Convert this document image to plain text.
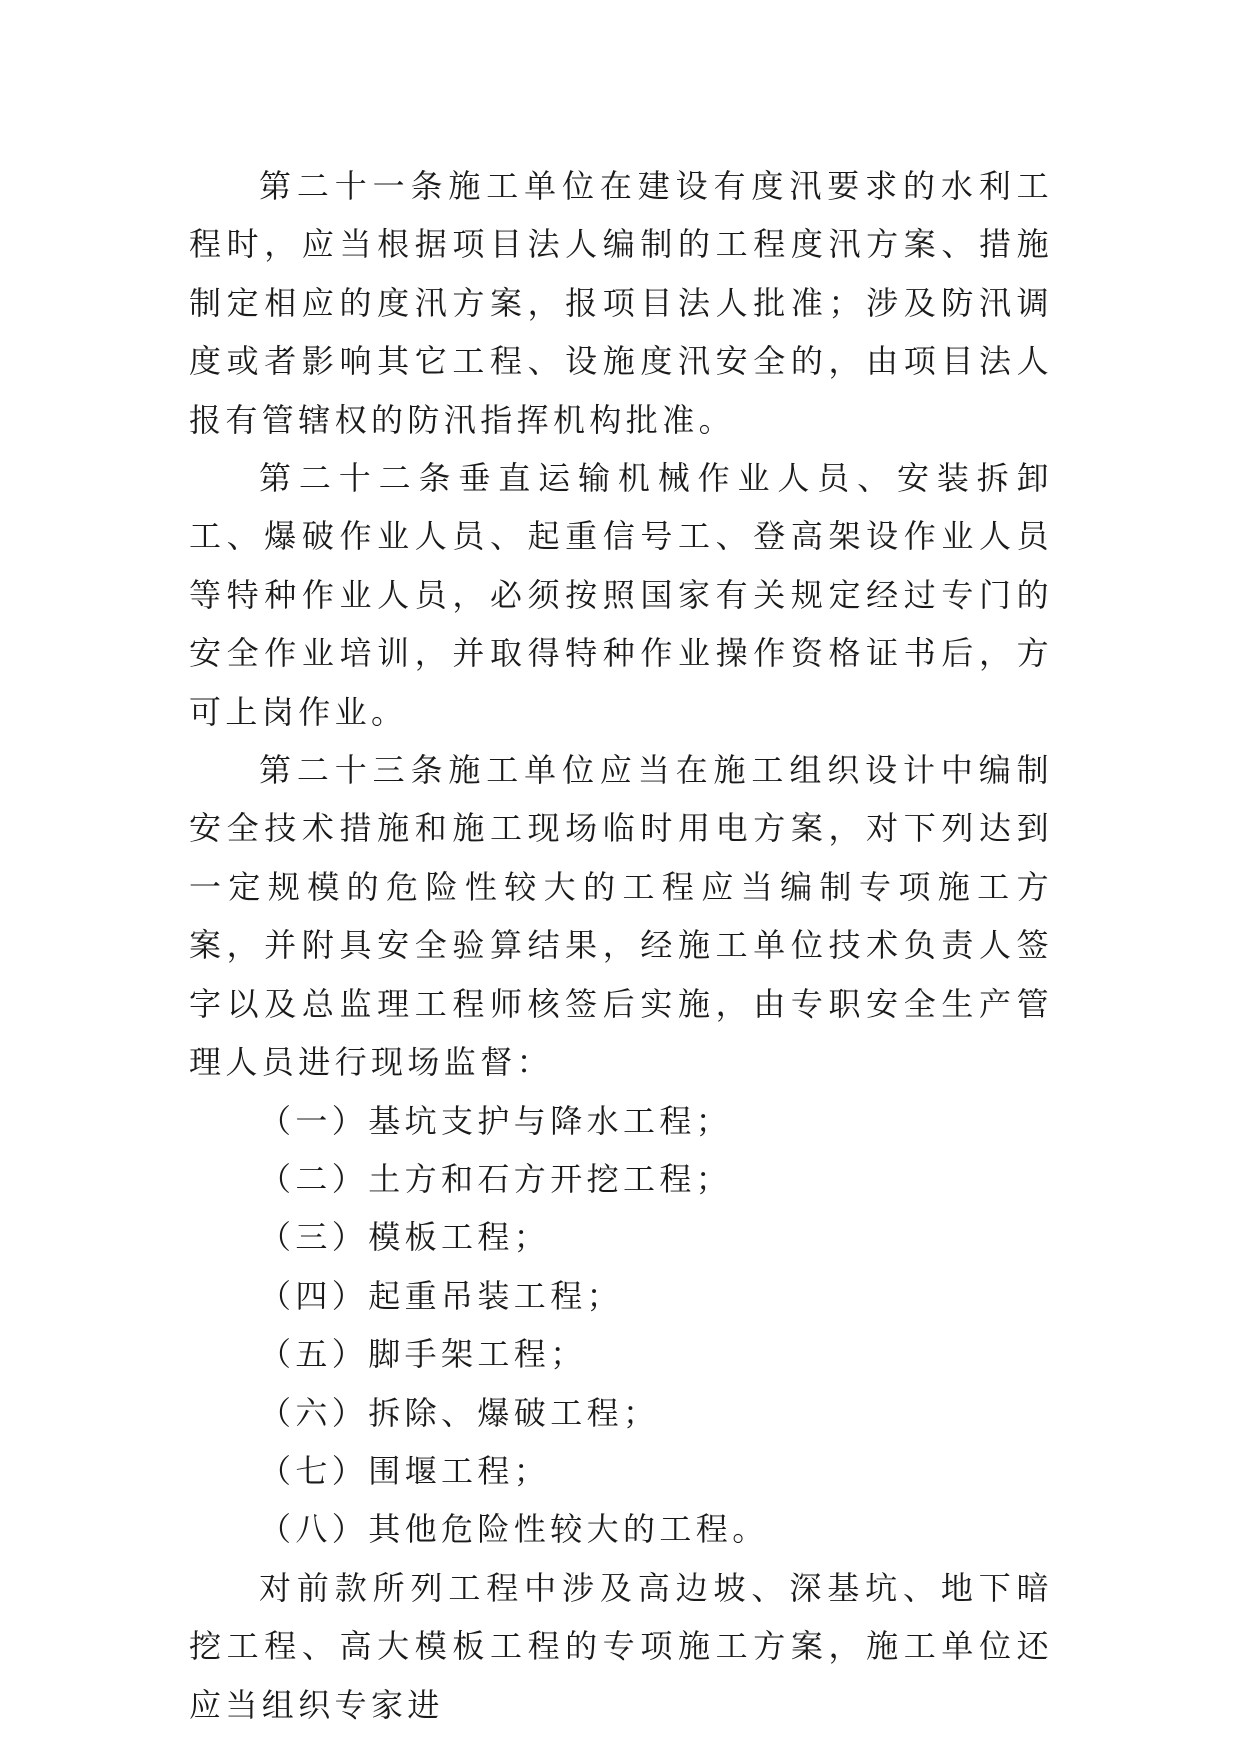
第二十一条施工单位在建设有度汛要求的水利工程时，应当根据项目法人编制的工程度汛方案、措施制定相应的度汛方案，报项目法人批准；涉及防汛调度或者影响其它工程、设施度汛安全的，由项目法人报有管辖权的防汛指挥机构批准。

第二十二条垂直运输机械作业人员、安装拆卸工、爆破作业人员、起重信号工、登高架设作业人员等特种作业人员，必须按照国家有关规定经过专门的安全作业培训，并取得特种作业操作资格证书后，方可上岗作业。

第二十三条施工单位应当在施工组织设计中编制安全技术措施和施工现场临时用电方案，对下列达到一定规模的危险性较大的工程应当编制专项施工方案，并附具安全验算结果，经施工单位技术负责人签字以及总监理工程师核签后实施，由专职安全生产管理人员进行现场监督：

（一）基坑支护与降水工程；

（二）土方和石方开挖工程；

（三）模板工程；

（四）起重吊装工程；

（五）脚手架工程；

（六）拆除、爆破工程；

（七）围堰工程；

（八）其他危险性较大的工程。

对前款所列工程中涉及高边坡、深基坑、地下暗挖工程、高大模板工程的专项施工方案，施工单位还应当组织专家进
